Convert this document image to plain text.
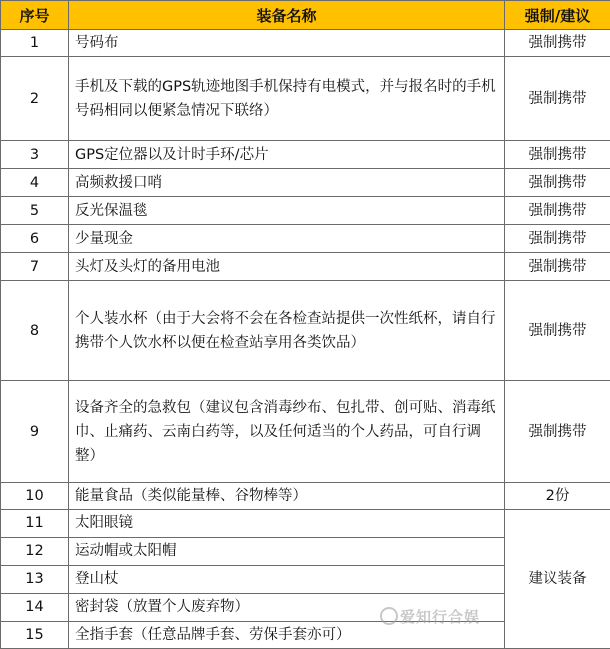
序号	装备名称	强制/建议
1	号码布	强制携带
2	手机及下载的GPS轨迹地图手机保持有电模式，并与报名时的手机号码相同以便紧急情况下联络）	强制携带
3	GPS定位器以及计时手环/芯片	强制携带
4	高频救援口哨	强制携带
5	反光保温毯	强制携带
6	少量现金	强制携带
7	头灯及头灯的备用电池	强制携带
8	个人装水杯（由于大会将不会在各检查站提供一次性纸杯，请自行携带个人饮水杯以便在检查站享用各类饮品）	强制携带
9	设备齐全的急救包（建议包含消毒纱布、包扎带、创可贴、消毒纸巾、止痛药、云南白药等，以及任何适当的个人药品，可自行调整）	强制携带
10	能量食品（类似能量棒、谷物棒等）	2份
11	太阳眼镜	建议装备
12	运动帽或太阳帽	
13	登山杖	
14	密封袋（放置个人废弃物）	
15	全指手套（任意品牌手套、劳保手套亦可）	
爱知行合娱
